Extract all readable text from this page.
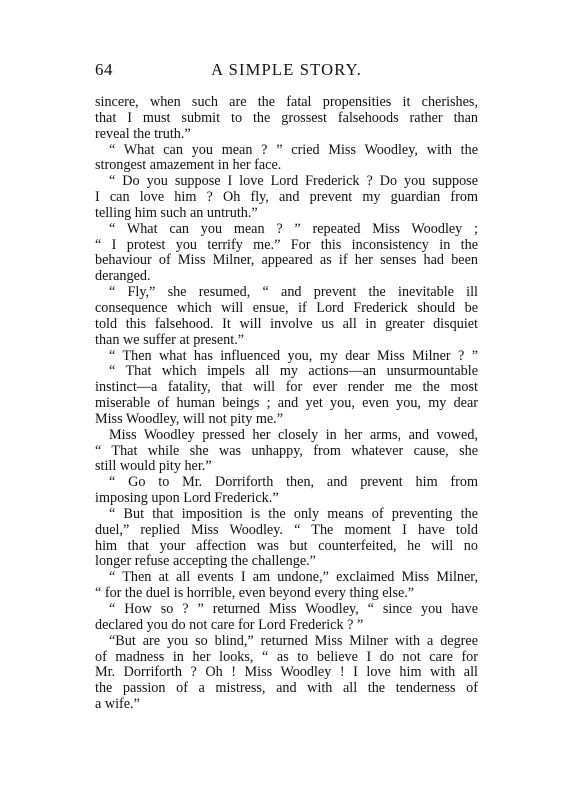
64	A SIMPLE STORY.
sincere, when such are the fatal propensities it cherishes,
that I must submit to the grossest falsehoods rather than
reveal the truth.”
“ What can you mean ? ” cried Miss Woodley, with the
strongest amazement in her face.
“ Do you suppose I love Lord Frederick ? Do you suppose
I can love him ? Oh fly, and prevent my guardian from
telling him such an untruth.”
“ What can you mean ? ” repeated Miss Woodley ;
“ I protest you terrify me.” For this inconsistency in the
behaviour of Miss Milner, appeared as if her senses had been
deranged.
“ Fly,” she resumed, “ and prevent the inevitable ill
consequence which will ensue, if Lord Frederick should be
told this falsehood. It will involve us all in greater disquiet
than we suffer at present.”
“ Then what has influenced you, my dear Miss Milner ? ”
“ That which impels all my actions—an unsurmountable
instinct—a fatality, that will for ever render me the most
miserable of human beings ; and yet you, even you, my dear
Miss Woodley, will not pity me.”
Miss Woodley pressed her closely in her arms, and vowed,
“ That while she was unhappy, from whatever cause, she
still would pity her.”
“ Go to Mr. Dorriforth then, and prevent him from
imposing upon Lord Frederick.”
“ But that imposition is the only means of preventing the
duel,” replied Miss Woodley. “ The moment I have told
him that your affection was but counterfeited, he will no
longer refuse accepting the challenge.”
“ Then at all events I am undone,” exclaimed Miss Milner,
“ for the duel is horrible, even beyond every thing else.”
“ How so ? ” returned Miss Woodley, “ since you have
declared you do not care for Lord Frederick ? ”
“But are you so blind,” returned Miss Milner with a degree
of madness in her looks, “ as to believe I do not care for
Mr. Dorriforth ? Oh ! Miss Woodley ! I love him with all
the passion of a mistress, and with all the tenderness of
a wife.”
